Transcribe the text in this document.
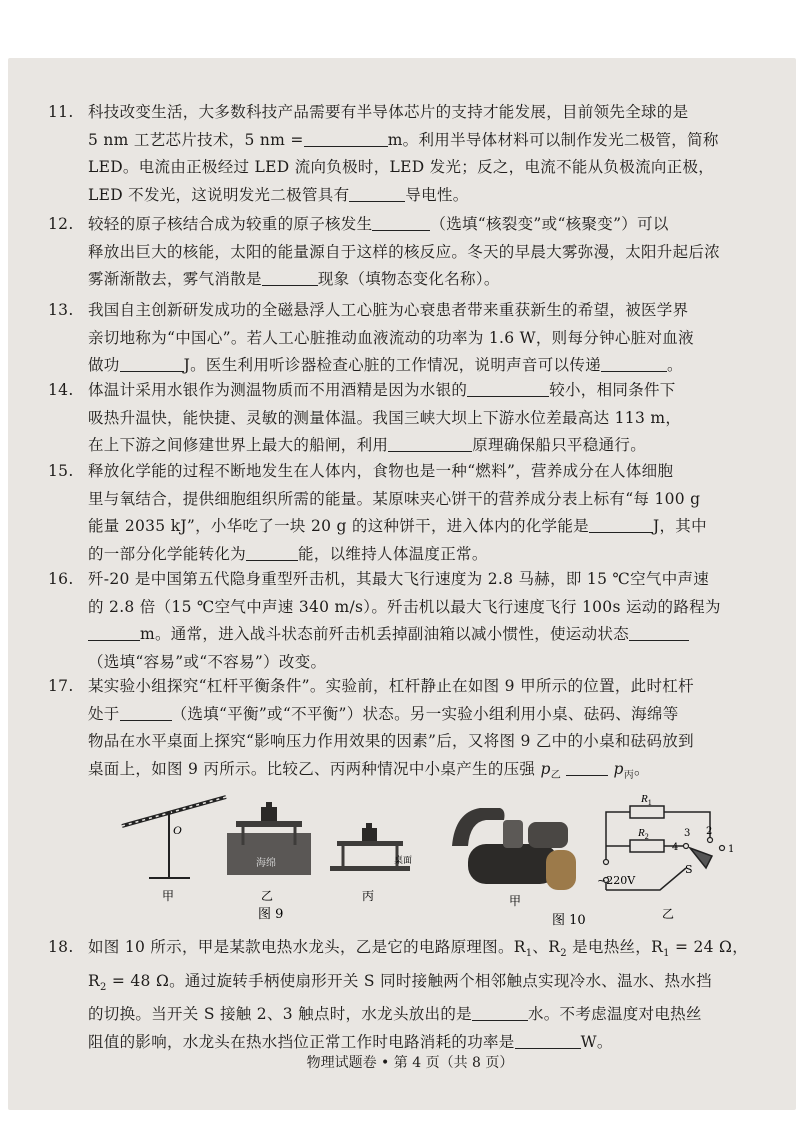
11. 科技改变生活，大多数科技产品需要有半导体芯片的支持才能发展，目前领先全球的是

5 nm 工艺芯片技术，5 nm =	m。利用半导体材料可以制作发光二极管，简称

LED。电流由正极经过 LED 流向负极时，LED 发光；反之，电流不能从负极流向正极，

LED 不发光，这说明发光二极管具有	导电性。

12. 较轻的原子核结合成为较重的原子核发生	（选填“核裂变”或“核聚变”）可以

释放出巨大的核能，太阳的能量源自于这样的核反应。冬天的早晨大雾弥漫，太阳升起后浓

雾渐渐散去，雾气消散是	现象（填物态变化名称）。

13. 我国自主创新研发成功的全磁悬浮人工心脏为心衰患者带来重获新生的希望，被医学界

亲切地称为“中国心”。若人工心脏推动血液流动的功率为 1.6 W，则每分钟心脏对血液

做功	J。医生利用听诊器检查心脏的工作情况，说明声音可以传递	。

14. 体温计采用水银作为测温物质而不用酒精是因为水银的	较小，相同条件下

吸热升温快，能快捷、灵敏的测量体温。我国三峡大坝上下游水位差最高达 113 m，

在上下游之间修建世界上最大的船闸，利用	原理确保船只平稳通行。

15. 释放化学能的过程不断地发生在人体内，食物也是一种“燃料”，营养成分在人体细胞

里与氧结合，提供细胞组织所需的能量。某原味夹心饼干的营养成分表上标有“每 100 g

能量 2035 kJ”，小华吃了一块 20 g 的这种饼干，进入体内的化学能是	J，其中

的一部分化学能转化为	能，以维持人体温度正常。

16. 歼-20 是中国第五代隐身重型歼击机，其最大飞行速度为 2.8 马赫，即 15 ℃空气中声速

的 2.8 倍（15 ℃空气中声速 340 m/s）。歼击机以最大飞行速度飞行 100s 运动的路程为

m。通常，进入战斗状态前歼击机丢掉副油箱以减小惯性，使运动状态

（选填“容易”或“不容易”）改变。

17. 某实验小组探究“杠杆平衡条件”。实验前，杠杆静止在如图 9 甲所示的位置，此时杠杆

处于	（选填“平衡”或“不平衡”）状态。另一实验小组利用小桌、砝码、海绵等

物品在水平桌面上探究“影响压力作用效果的因素”后，又将图 9 乙中的小桌和砝码放到

桌面上，如图 9 丙所示。比较乙、丙两种情况中小桌产生的压强 $p_乙$	$p_丙$。

O
海绵	桌面
甲	乙	丙
图 9
甲
图 10
$R_1$
$R_2$
1
2
3
4
S
~220V
乙
18. 如图 10 所示，甲是某款电热水龙头，乙是它的电路原理图。$R_1$、$R_2$ 是电热丝，$R_1 = 24$ Ω，

$R_2 = 48$ Ω。通过旋转手柄使扇形开关 S 同时接触两个相邻触点实现冷水、温水、热水挡

的切换。当开关 S 接触 2、3 触点时，水龙头放出的是	水。不考虑温度对电热丝

阻值的影响，水龙头在热水挡位正常工作时电路消耗的功率是	W。

物理试题卷 • 第 4 页（共 8 页）
